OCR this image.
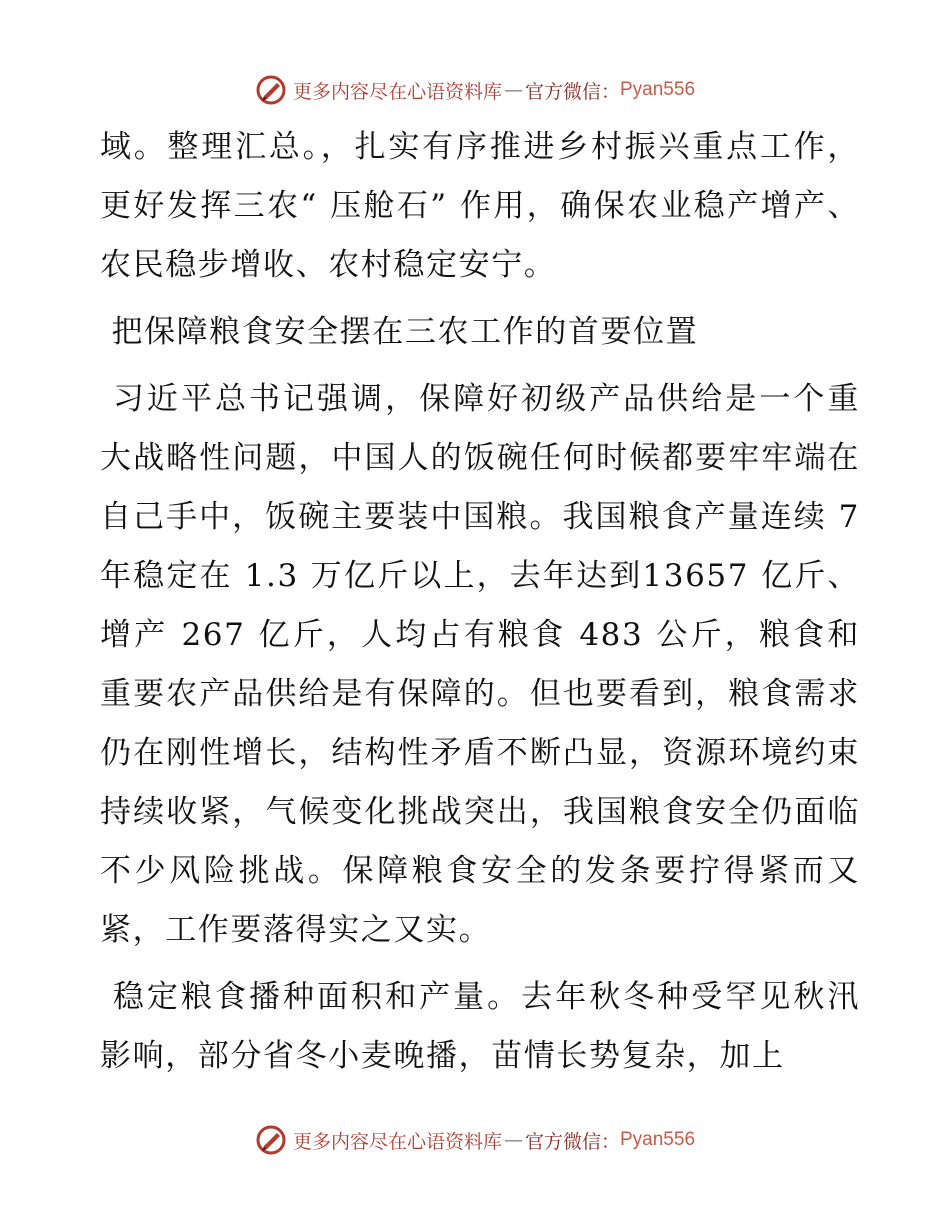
更多内容尽在心语资料库 — 官方微信： Pyan556

域。整理汇总。，扎实有序推进乡村振兴重点工作，更好发挥三农“ 压舱石” 作用，确保农业稳产增产、农民稳步增收、农村稳定安宁。

把保障粮食安全摆在三农工作的首要位置

习近平总书记强调，保障好初级产品供给是一个重大战略性问题，中国人的饭碗任何时候都要牢牢端在自己手中，饭碗主要装中国粮。我国粮食产量连续 7 年稳定在 1.3 万亿斤以上，去年达到13657 亿斤、增产 267 亿斤，人均占有粮食 483 公斤，粮食和重要农产品供给是有保障的。但也要看到，粮食需求仍在刚性增长，结构性矛盾不断凸显，资源环境约束持续收紧，气候变化挑战突出，我国粮食安全仍面临不少风险挑战。保障粮食安全的发条要拧得紧而又紧，工作要落得实之又实。

稳定粮食播种面积和产量。去年秋冬种受罕见秋汛影响，部分省冬小麦晚播，苗情长势复杂，加上

更多内容尽在心语资料库 — 官方微信： Pyan556
